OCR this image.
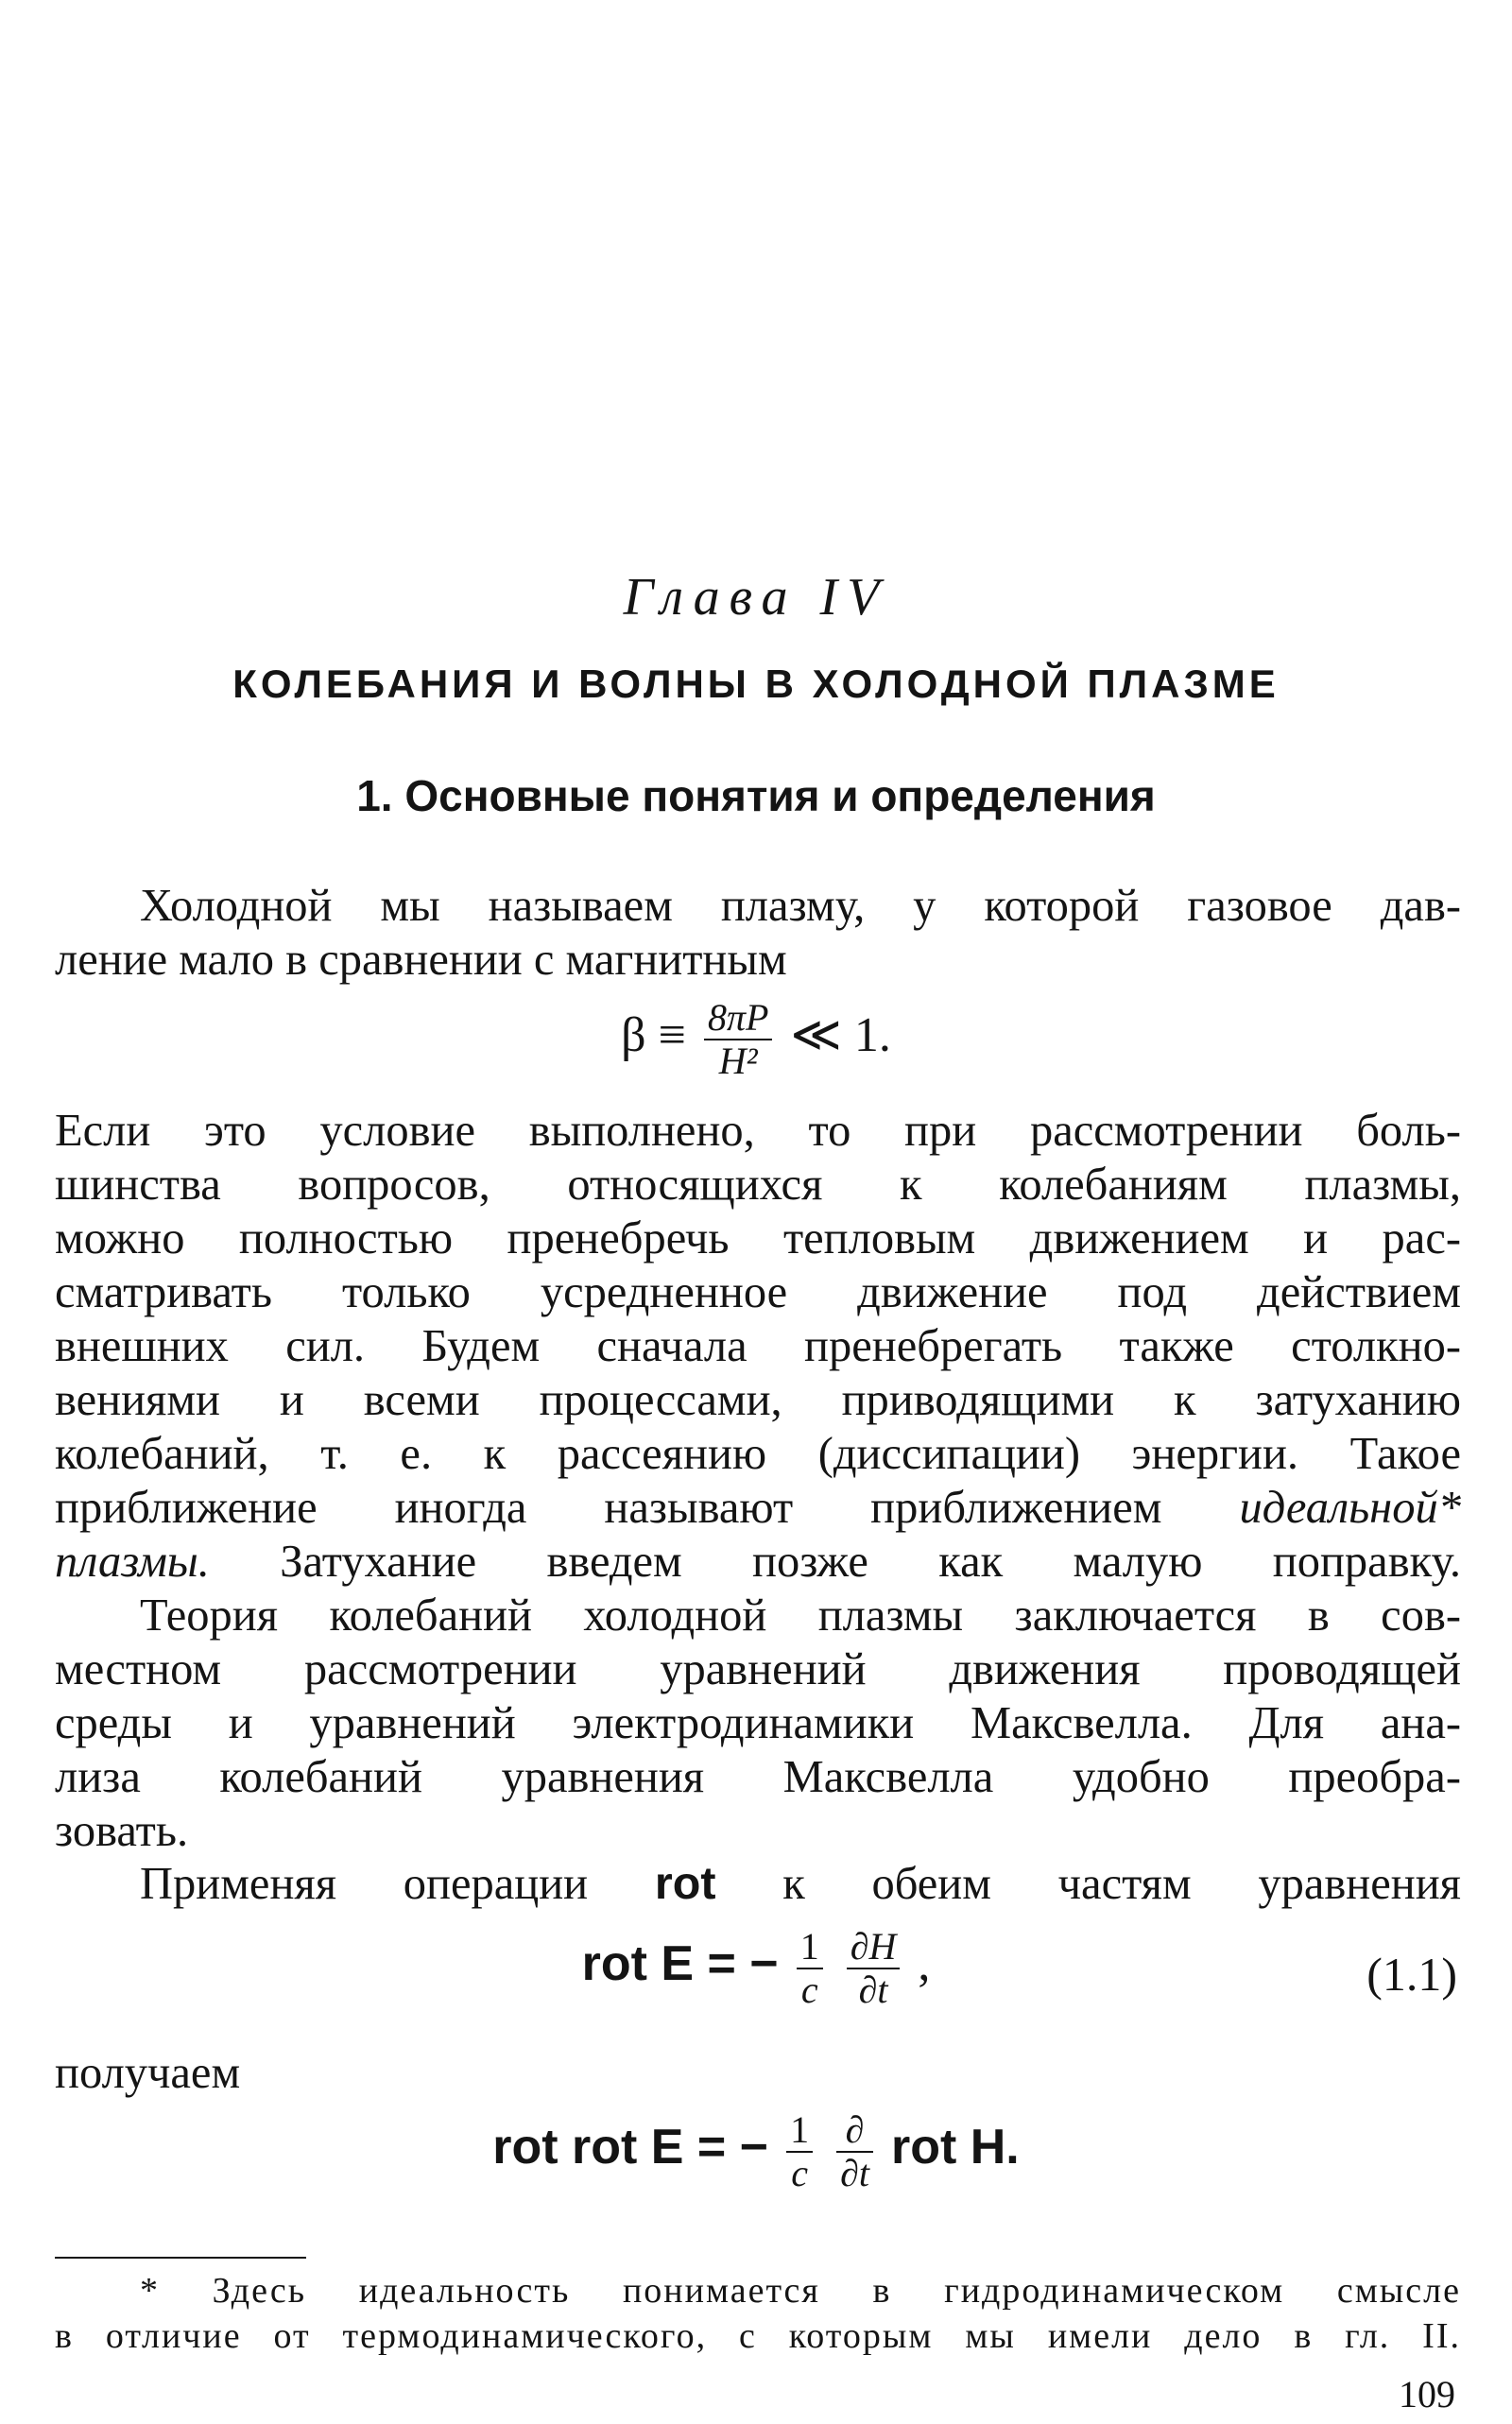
Глава IV
КОЛЕБАНИЯ И ВОЛНЫ В ХОЛОДНОЙ ПЛАЗМЕ
1. Основные понятия и определения
Холодной мы называем плазму, у которой газовое дав-
ление мало в сравнении с магнитным
$\beta \equiv \frac{8\pi P}{\text{H²}}$ ≪ 1.
Если это условие выполнено, то при рассмотрении боль-
шинства вопросов, относящихся к колебаниям плазмы,
можно полностью пренебречь тепловым движением и рас-
сматривать только усредненное движение под действием
внешних сил. Будем сначала пренебрегать также столкно-
вениями и всеми процессами, приводящими к затуханию
колебаний, т. е. к рассеянию (диссипации) энергии. Такое
приближение иногда называют приближением идеальной*
плазмы. Затухание введем позже как малую поправку.
Теория колебаний холодной плазмы заключается в сов-
местном рассмотрении уравнений движения проводящей
среды и уравнений электродинамики Максвелла. Для ана-
лиза колебаний уравнения Максвелла удобно преобра-
зовать.
Применяя операции rot к обеим частям уравнения
rot E = − $\frac{1}{c}$
$\frac{\partial H}{\partial t}$ ,	(1.1)
получаем
rot rot E = − $\frac{1}{c}$
$\frac{\partial}{\partial t}$ rot H.
* Здесь идеальность понимается в гидродинамическом смысле
в отличие от термодинамического, с которым мы имели дело в гл. II.
109
